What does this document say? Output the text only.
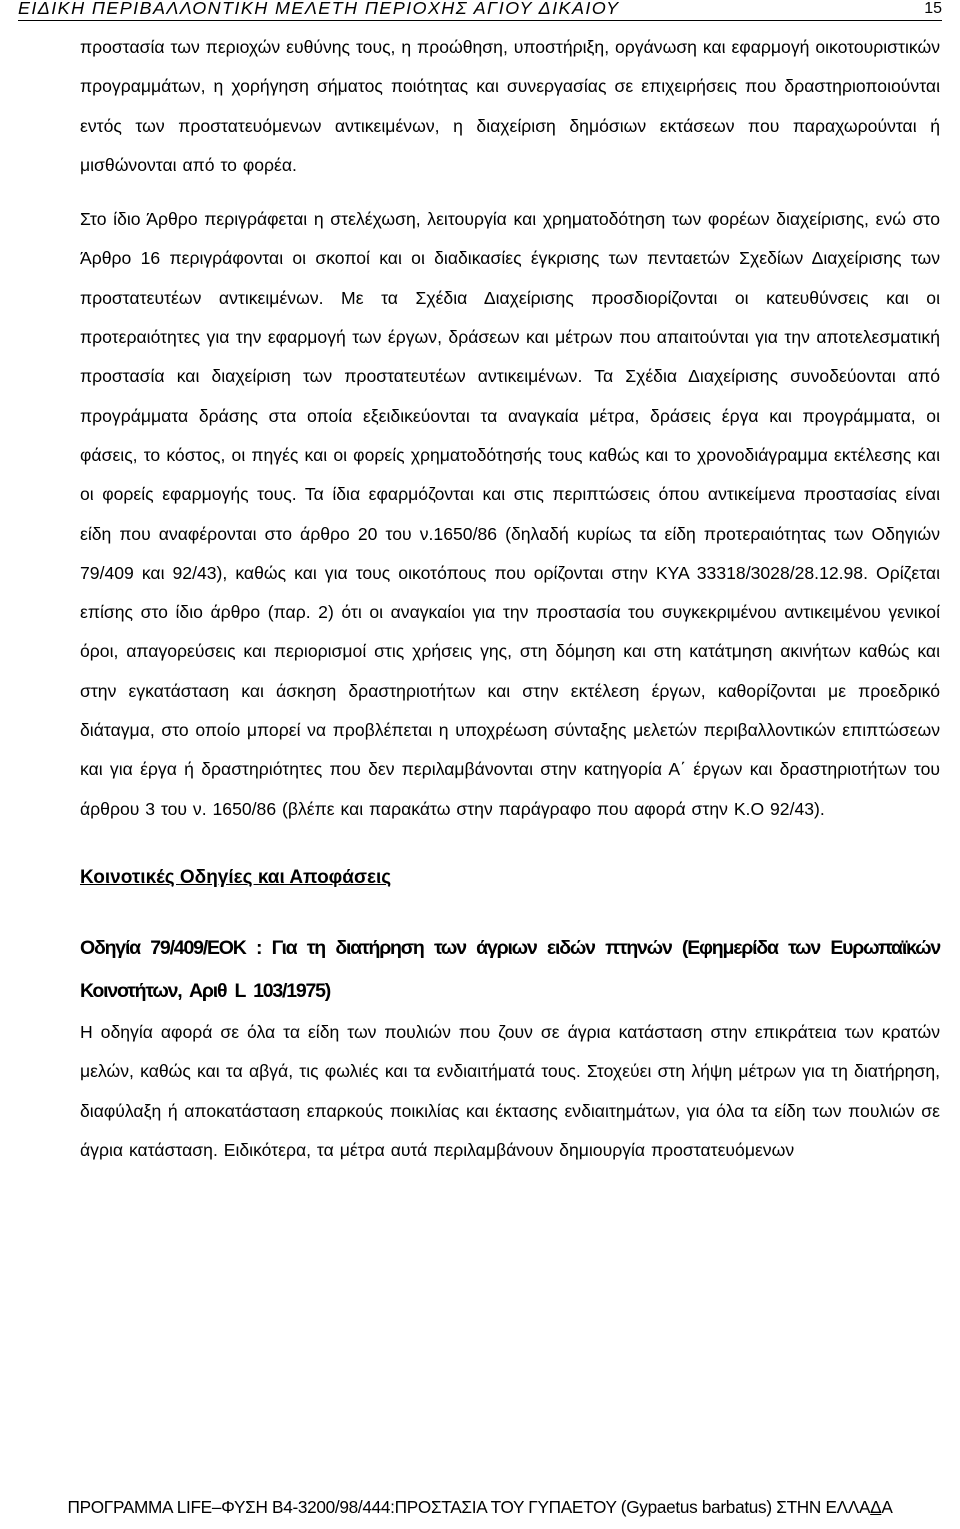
ΕΙΔΙΚΗ ΠΕΡΙΒΑΛΛΟΝΤΙΚΗ ΜΕΛΕΤΗ ΠΕΡΙΟΧΗΣ ΑΓΙΟΥ ΔΙΚΑΙΟΥ	15

προστασία των περιοχών ευθύνης τους, η προώθηση, υποστήριξη, οργάνωση και εφαρμογή οικοτουριστικών προγραμμάτων, η χορήγηση σήματος ποιότητας και συνεργασίας σε επιχειρήσεις που δραστηριοποιούνται εντός των προστατευόμενων αντικειμένων, η διαχείριση δημόσιων εκτάσεων που παραχωρούνται ή μισθώνονται από το φορέα.

Στο ίδιο Άρθρο περιγράφεται η στελέχωση, λειτουργία και χρηματοδότηση των φορέων διαχείρισης, ενώ στο Άρθρο 16 περιγράφονται οι σκοποί και οι διαδικασίες έγκρισης των πενταετών Σχεδίων Διαχείρισης των προστατευτέων αντικειμένων. Με τα Σχέδια Διαχείρισης προσδιορίζονται οι κατευθύνσεις και οι προτεραιότητες για την εφαρμογή των έργων, δράσεων και μέτρων που απαιτούνται για την αποτελεσματική προστασία και διαχείριση των προστατευτέων αντικειμένων. Τα Σχέδια Διαχείρισης συνοδεύονται από προγράμματα δράσης στα οποία εξειδικεύονται τα αναγκαία μέτρα, δράσεις έργα και προγράμματα, οι φάσεις, το κόστος, οι πηγές και οι φορείς χρηματοδότησής τους καθώς και το χρονοδιάγραμμα εκτέλεσης και οι φορείς εφαρμογής τους. Τα ίδια εφαρμόζονται και στις περιπτώσεις όπου αντικείμενα προστασίας είναι είδη που αναφέρονται στο άρθρο 20 του ν.1650/86 (δηλαδή κυρίως τα είδη προτεραιότητας των Οδηγιών 79/409 και 92/43), καθώς και για τους οικοτόπους που ορίζονται στην ΚΥΑ 33318/3028/28.12.98. Ορίζεται επίσης στο ίδιο άρθρο (παρ. 2) ότι οι αναγκαίοι για την προστασία του συγκεκριμένου αντικειμένου γενικοί όροι, απαγορεύσεις και περιορισμοί στις χρήσεις γης, στη δόμηση και στη κατάτμηση ακινήτων καθώς και στην εγκατάσταση και άσκηση δραστηριοτήτων και στην εκτέλεση έργων, καθορίζονται με προεδρικό διάταγμα, στο οποίο μπορεί να προβλέπεται η υποχρέωση σύνταξης μελετών περιβαλλοντικών επιπτώσεων και για έργα ή δραστηριότητες που δεν περιλαμβάνονται στην κατηγορία Α΄ έργων και δραστηριοτήτων του άρθρου 3 του ν. 1650/86 (βλέπε και παρακάτω στην παράγραφο που αφορά στην Κ.Ο 92/43).

Κοινοτικές Οδηγίες και Αποφάσεις
Οδηγία 79/409/ΕΟΚ : Για τη διατήρηση των άγριων ειδών πτηνών (Εφημερίδα των Ευρωπαϊκών Κοινοτήτων, Αριθ L 103/1975)

Η οδηγία αφορά σε όλα τα είδη των πουλιών που ζουν σε άγρια κατάσταση στην επικράτεια των κρατών μελών, καθώς και τα αβγά, τις φωλιές και τα ενδιαιτήματά τους. Στοχεύει στη λήψη μέτρων για τη διατήρηση, διαφύλαξη ή αποκατάσταση επαρκούς ποικιλίας και έκτασης ενδιαιτημάτων, για όλα τα είδη των πουλιών σε άγρια κατάσταση. Ειδικότερα, τα μέτρα αυτά περιλαμβάνουν δημιουργία προστατευόμενων

ΠΡΟΓΡΑΜΜΑ LIFE–ΦΥΣΗ Β4-3200/98/444:ΠΡΟΣΤΑΣΙΑ ΤΟΥ ΓΥΠΑΕΤΟΥ (Gypaetus barbatus) ΣΤΗΝ ΕΛΛΑΔΑ
